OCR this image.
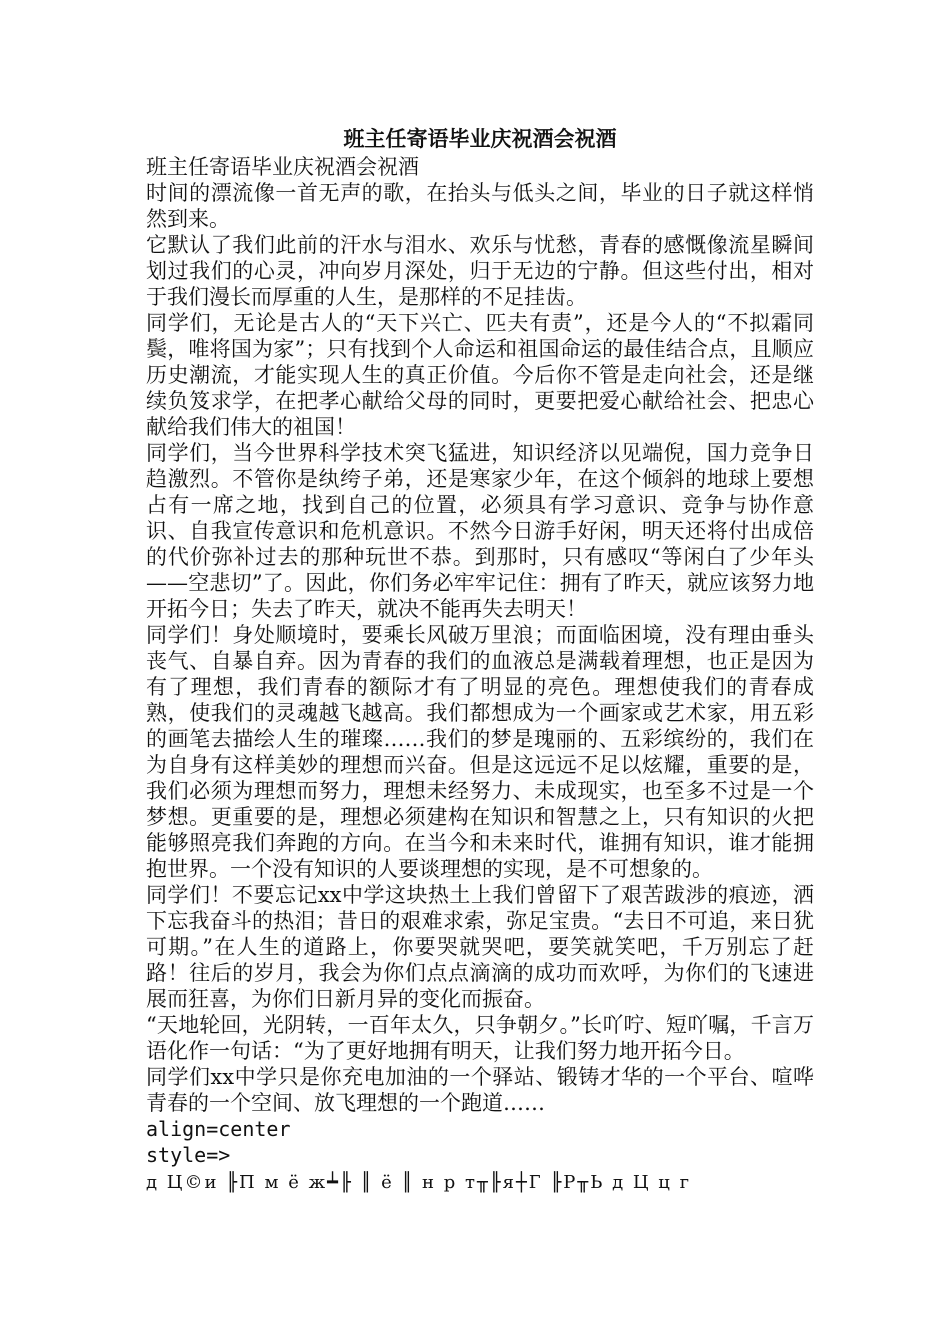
班主任寄语毕业庆祝酒会祝酒

班主任寄语毕业庆祝酒会祝酒

时间的漂流像一首无声的歌，在抬头与低头之间，毕业的日子就这样悄然到来。

它默认了我们此前的汗水与泪水、欢乐与忧愁，青春的感慨像流星瞬间划过我们的心灵，冲向岁月深处，归于无边的宁静。但这些付出，相对于我们漫长而厚重的人生，是那样的不足挂齿。

同学们，无论是古人的“天下兴亡、匹夫有责”，还是今人的“不拟霜同鬓，唯将国为家”；只有找到个人命运和祖国命运的最佳结合点，且顺应历史潮流，才能实现人生的真正价值。今后你不管是走向社会，还是继续负笈求学，在把孝心献给父母的同时，更要把爱心献给社会、把忠心献给我们伟大的祖国！

同学们，当今世界科学技术突飞猛进，知识经济以见端倪，国力竞争日趋激烈。不管你是纨绔子弟，还是寒家少年，在这个倾斜的地球上要想占有一席之地，找到自己的位置，必须具有学习意识、竞争与协作意识、自我宣传意识和危机意识。不然今日游手好闲，明天还将付出成倍的代价弥补过去的那种玩世不恭。到那时，只有感叹“等闲白了少年头——空悲切”了。因此，你们务必牢牢记住：拥有了昨天，就应该努力地开拓今日；失去了昨天，就决不能再失去明天！

同学们！身处顺境时，要乘长风破万里浪；而面临困境，没有理由垂头丧气、自暴自弃。因为青春的我们的血液总是满载着理想，也正是因为有了理想，我们青春的额际才有了明显的亮色。理想使我们的青春成熟，使我们的灵魂越飞越高。我们都想成为一个画家或艺术家，用五彩的画笔去描绘人生的璀璨……我们的梦是瑰丽的、五彩缤纷的，我们在为自身有这样美妙的理想而兴奋。但是这远远不足以炫耀，重要的是，我们必须为理想而努力，理想未经努力、未成现实，也至多不过是一个梦想。更重要的是，理想必须建构在知识和智慧之上，只有知识的火把能够照亮我们奔跑的方向。在当今和未来时代，谁拥有知识，谁才能拥抱世界。一个没有知识的人要谈理想的实现，是不可想象的。

同学们！不要忘记xx中学这块热土上我们曾留下了艰苦跋涉的痕迹，洒下忘我奋斗的热泪；昔日的艰难求索，弥足宝贵。“去日不可追，来日犹可期。”在人生的道路上，你要哭就哭吧，要笑就笑吧，千万别忘了赶路！往后的岁月，我会为你们点点滴滴的成功而欢呼，为你们的飞速进展而狂喜，为你们日新月异的变化而振奋。

“天地轮回，光阴转，一百年太久，只争朝夕。”长吖咛、短吖嘱，千言万语化作一句话：“为了更好地拥有明天，让我们努力地开拓今日。

同学们xx中学只是你充电加油的一个驿站、锻铸才华的一个平台、喧哗青春的一个空间、放飞理想的一个跑道……

align=center

style=>

д Ц©и ╟П м ё ж┷╟ ║ ё ║ н р т╥╟я┼Г ╟Р╥Ь д Ц ц г
